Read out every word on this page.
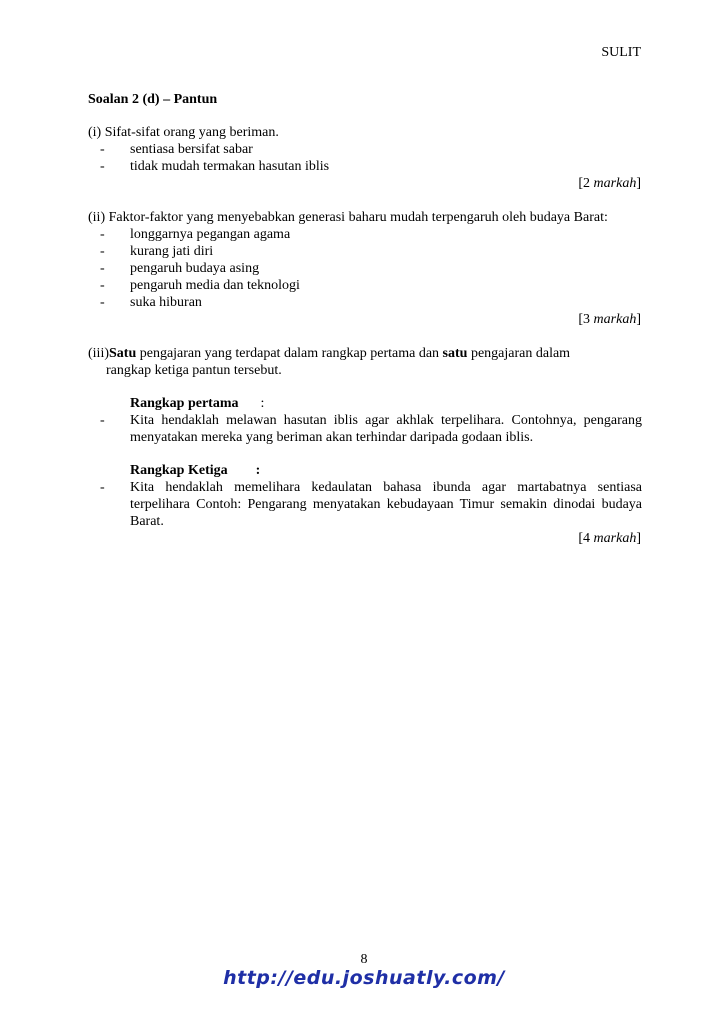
SULIT
Soalan 2 (d) – Pantun
(i) Sifat-sifat orang yang beriman.
- sentiasa bersifat sabar
- tidak mudah termakan hasutan iblis
[2 markah]
(ii) Faktor-faktor yang menyebabkan generasi baharu mudah terpengaruh oleh budaya Barat:
- longgarnya pegangan agama
- kurang jati diri
- pengaruh budaya asing
- pengaruh media dan teknologi
- suka hiburan
[3 markah]
(iii)Satu pengajaran yang terdapat dalam rangkap pertama dan satu pengajaran dalam
rangkap ketiga pantun tersebut.
Rangkap pertama :
- Kita hendaklah melawan hasutan iblis agar akhlak terpelihara. Contohnya, pengarang menyatakan mereka yang beriman akan terhindar daripada godaan iblis.
Rangkap Ketiga :
- Kita hendaklah memelihara kedaulatan bahasa ibunda agar martabatnya sentiasa terpelihara Contoh: Pengarang menyatakan kebudayaan Timur semakin dinodai budaya Barat.
[4 markah]
8
http://edu.joshuatly.com/
